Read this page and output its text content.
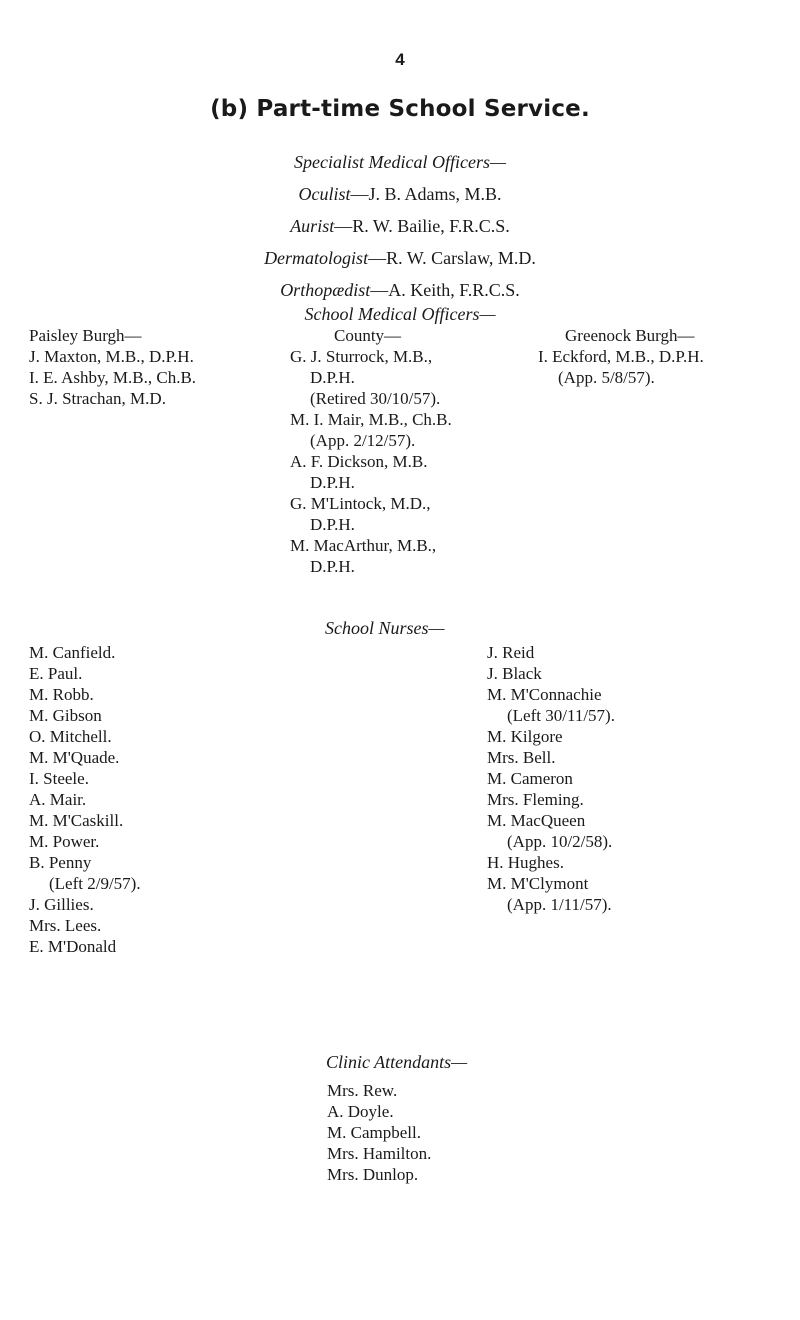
4
(b) Part-time School Service.
Specialist Medical Officers—
Oculist—J. B. Adams, M.B.
Aurist—R. W. Bailie, F.R.C.S.
Dermatologist—R. W. Carslaw, M.D.
Orthopædist—A. Keith, F.R.C.S.
School Medical Officers—
Paisley Burgh—
J. Maxton, M.B., D.P.H.
I. E. Ashby, M.B., Ch.B.
S. J. Strachan, M.D.
County—
G. J. Sturrock, M.B.,
D.P.H.
(Retired 30/10/57).
M. I. Mair, M.B., Ch.B.
(App. 2/12/57).
A. F. Dickson, M.B.
D.P.H.
G. M'Lintock, M.D.,
D.P.H.
M. MacArthur, M.B.,
D.P.H.
Greenock Burgh—
I. Eckford, M.B., D.P.H.
(App. 5/8/57).
School Nurses—
M. Canfield.
E. Paul.
M. Robb.
M. Gibson
O. Mitchell.
M. M'Quade.
I. Steele.
A. Mair.
M. M'Caskill.
M. Power.
B. Penny
(Left 2/9/57).
J. Gillies.
Mrs. Lees.
E. M'Donald
J. Reid
J. Black
M. M'Connachie
(Left 30/11/57).
M. Kilgore
Mrs. Bell.
M. Cameron
Mrs. Fleming.
M. MacQueen
(App. 10/2/58).
H. Hughes.
M. M'Clymont
(App. 1/11/57).
Clinic Attendants—
Mrs. Rew.
A. Doyle.
M. Campbell.
Mrs. Hamilton.
Mrs. Dunlop.
